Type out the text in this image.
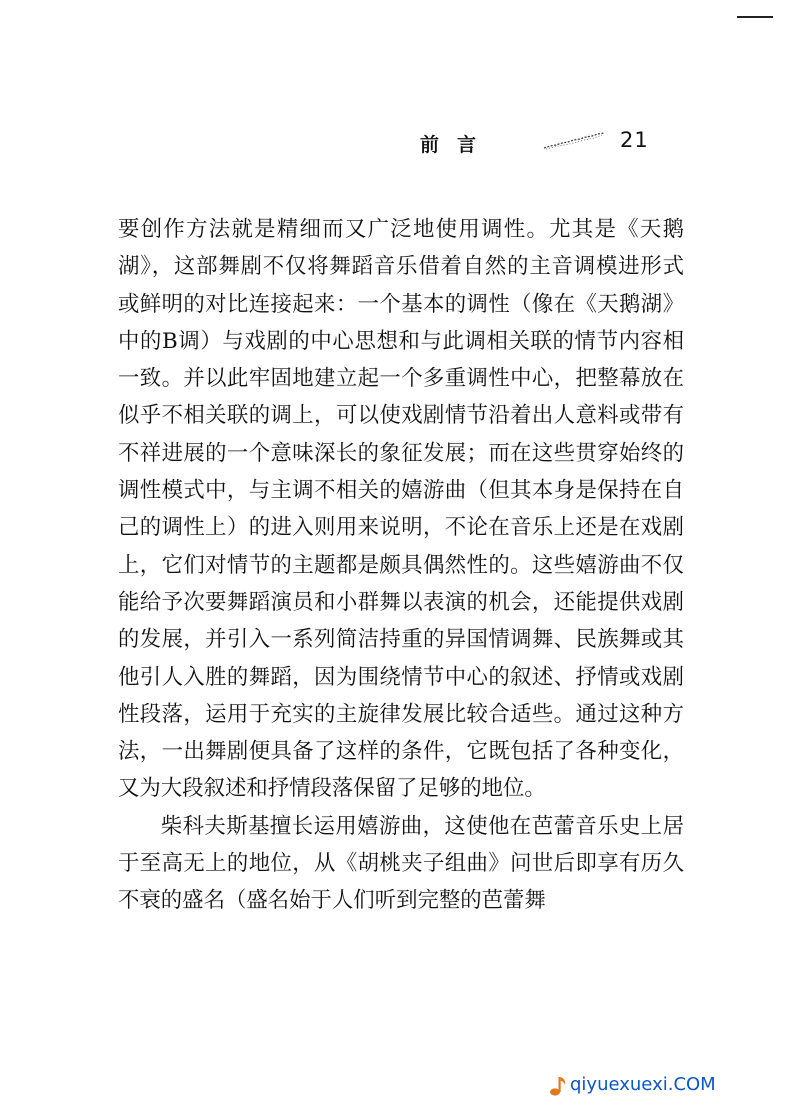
前言	21

要创作方法就是精细而又广泛地使用调性。尤其是《天鹅湖》，这部舞剧不仅将舞蹈音乐借着自然的主音调模进形式或鲜明的对比连接起来：一个基本的调性（像在《天鹅湖》中的B调）与戏剧的中心思想和与此调相关联的情节内容相一致。并以此牢固地建立起一个多重调性中心，把整幕放在似乎不相关联的调上，可以使戏剧情节沿着出人意料或带有不祥进展的一个意味深长的象征发展；而在这些贯穿始终的调性模式中，与主调不相关的嬉游曲（但其本身是保持在自己的调性上）的进入则用来说明，不论在音乐上还是在戏剧上，它们对情节的主题都是颇具偶然性的。这些嬉游曲不仅能给予次要舞蹈演员和小群舞以表演的机会，还能提供戏剧的发展，并引入一系列简洁持重的异国情调舞、民族舞或其他引人入胜的舞蹈，因为围绕情节中心的叙述、抒情或戏剧性段落，运用于充实的主旋律发展比较合适些。通过这种方法，一出舞剧便具备了这样的条件，它既包括了各种变化，又为大段叙述和抒情段落保留了足够的地位。

柴科夫斯基擅长运用嬉游曲，这使他在芭蕾音乐史上居于至高无上的地位，从《胡桃夹子组曲》问世后即享有历久不衰的盛名（盛名始于人们听到完整的芭蕾舞

qiyuexuexi.COM
